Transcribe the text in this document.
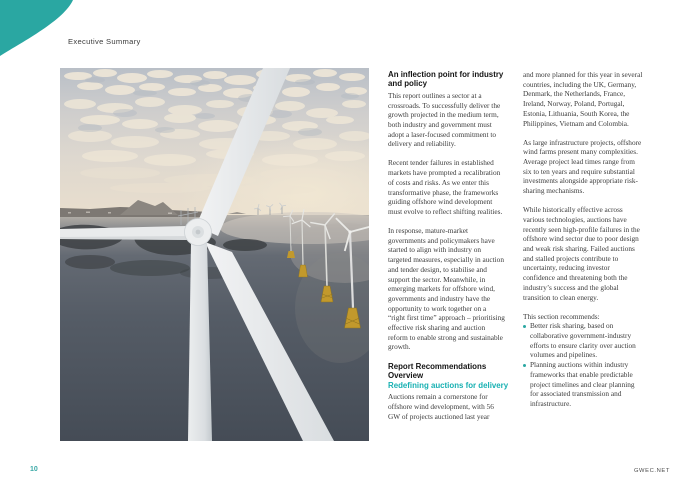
Executive Summary
An inflection point for industry and policy

This report outlines a sector at a crossroads. To successfully deliver the growth projected in the medium term, both industry and government must adopt a laser-focused commitment to delivery and reliability.

Recent tender failures in established markets have prompted a recalibration of costs and risks. As we enter this transformative phase, the frameworks guiding offshore wind development must evolve to reflect shifting realities.

In response, mature-market governments and policymakers have started to align with industry on targeted measures, especially in auction and tender design, to stabilise and support the sector. Meanwhile, in emerging markets for offshore wind, governments and industry have the opportunity to work together on a “right first time” approach – prioritising effective risk sharing and auction reform to enable strong and sustainable growth.

Report Recommendations Overview
Redefining auctions for delivery

Auctions remain a cornerstone for offshore wind development, with 56 GW of projects auctioned last year

and more planned for this year in several countries, including the UK, Germany, Denmark, the Netherlands, France, Ireland, Norway, Poland, Portugal, Estonia, Lithuania, South Korea, the Philippines, Vietnam and Colombia.

As large infrastructure projects, offshore wind farms present many complexities. Average project lead times range from six to ten years and require substantial investments alongside appropriate risk-sharing mechanisms.

While historically effective across various technologies, auctions have recently seen high-profile failures in the offshore wind sector due to poor design and weak risk sharing. Failed auctions and stalled projects contribute to uncertainty, reducing investor confidence and threatening both the industry’s success and the global transition to clean energy.

This section recommends:

Better risk sharing, based on collaborative government-industry efforts to ensure clarity over auction volumes and pipelines.
Planning auctions within industry frameworks that enable predictable project timelines and clear planning for associated transmission and infrastructure.
10	GWEC.NET
